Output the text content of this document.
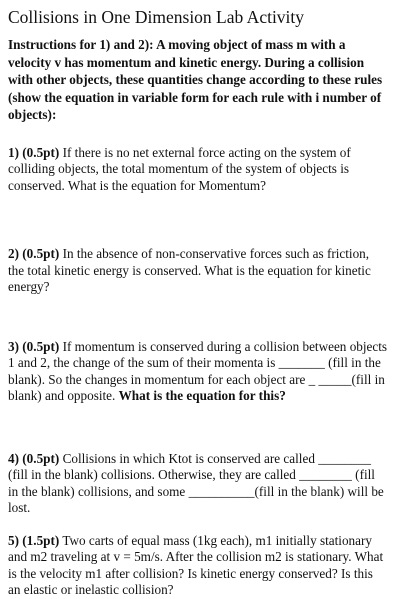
Collisions in One Dimension Lab Activity

Instructions for 1) and 2): A moving object of mass m with a velocity v has momentum and kinetic energy. During a collision with other objects, these quantities change according to these rules (show the equation in variable form for each rule with i number of objects):

1) (0.5pt) If there is no net external force acting on the system of colliding objects, the total momentum of the system of objects is conserved. What is the equation for Momentum?

2) (0.5pt) In the absence of non-conservative forces such as friction, the total kinetic energy is conserved. What is the equation for kinetic energy?

3) (0.5pt) If momentum is conserved during a collision between objects 1 and 2, the change of the sum of their momenta is _______ (fill in the blank). So the changes in momentum for each object are _ _____(fill in blank) and opposite. What is the equation for this?

4) (0.5pt) Collisions in which Ktot is conserved are called ________ (fill in the blank) collisions. Otherwise, they are called ________ (fill in the blank) collisions, and some __________(fill in the blank) will be lost.

5) (1.5pt) Two carts of equal mass (1kg each), m1 initially stationary and m2 traveling at v = 5m/s. After the collision m2 is stationary. What is the velocity m1 after collision? Is kinetic energy conserved? Is this an elastic or inelastic collision?
